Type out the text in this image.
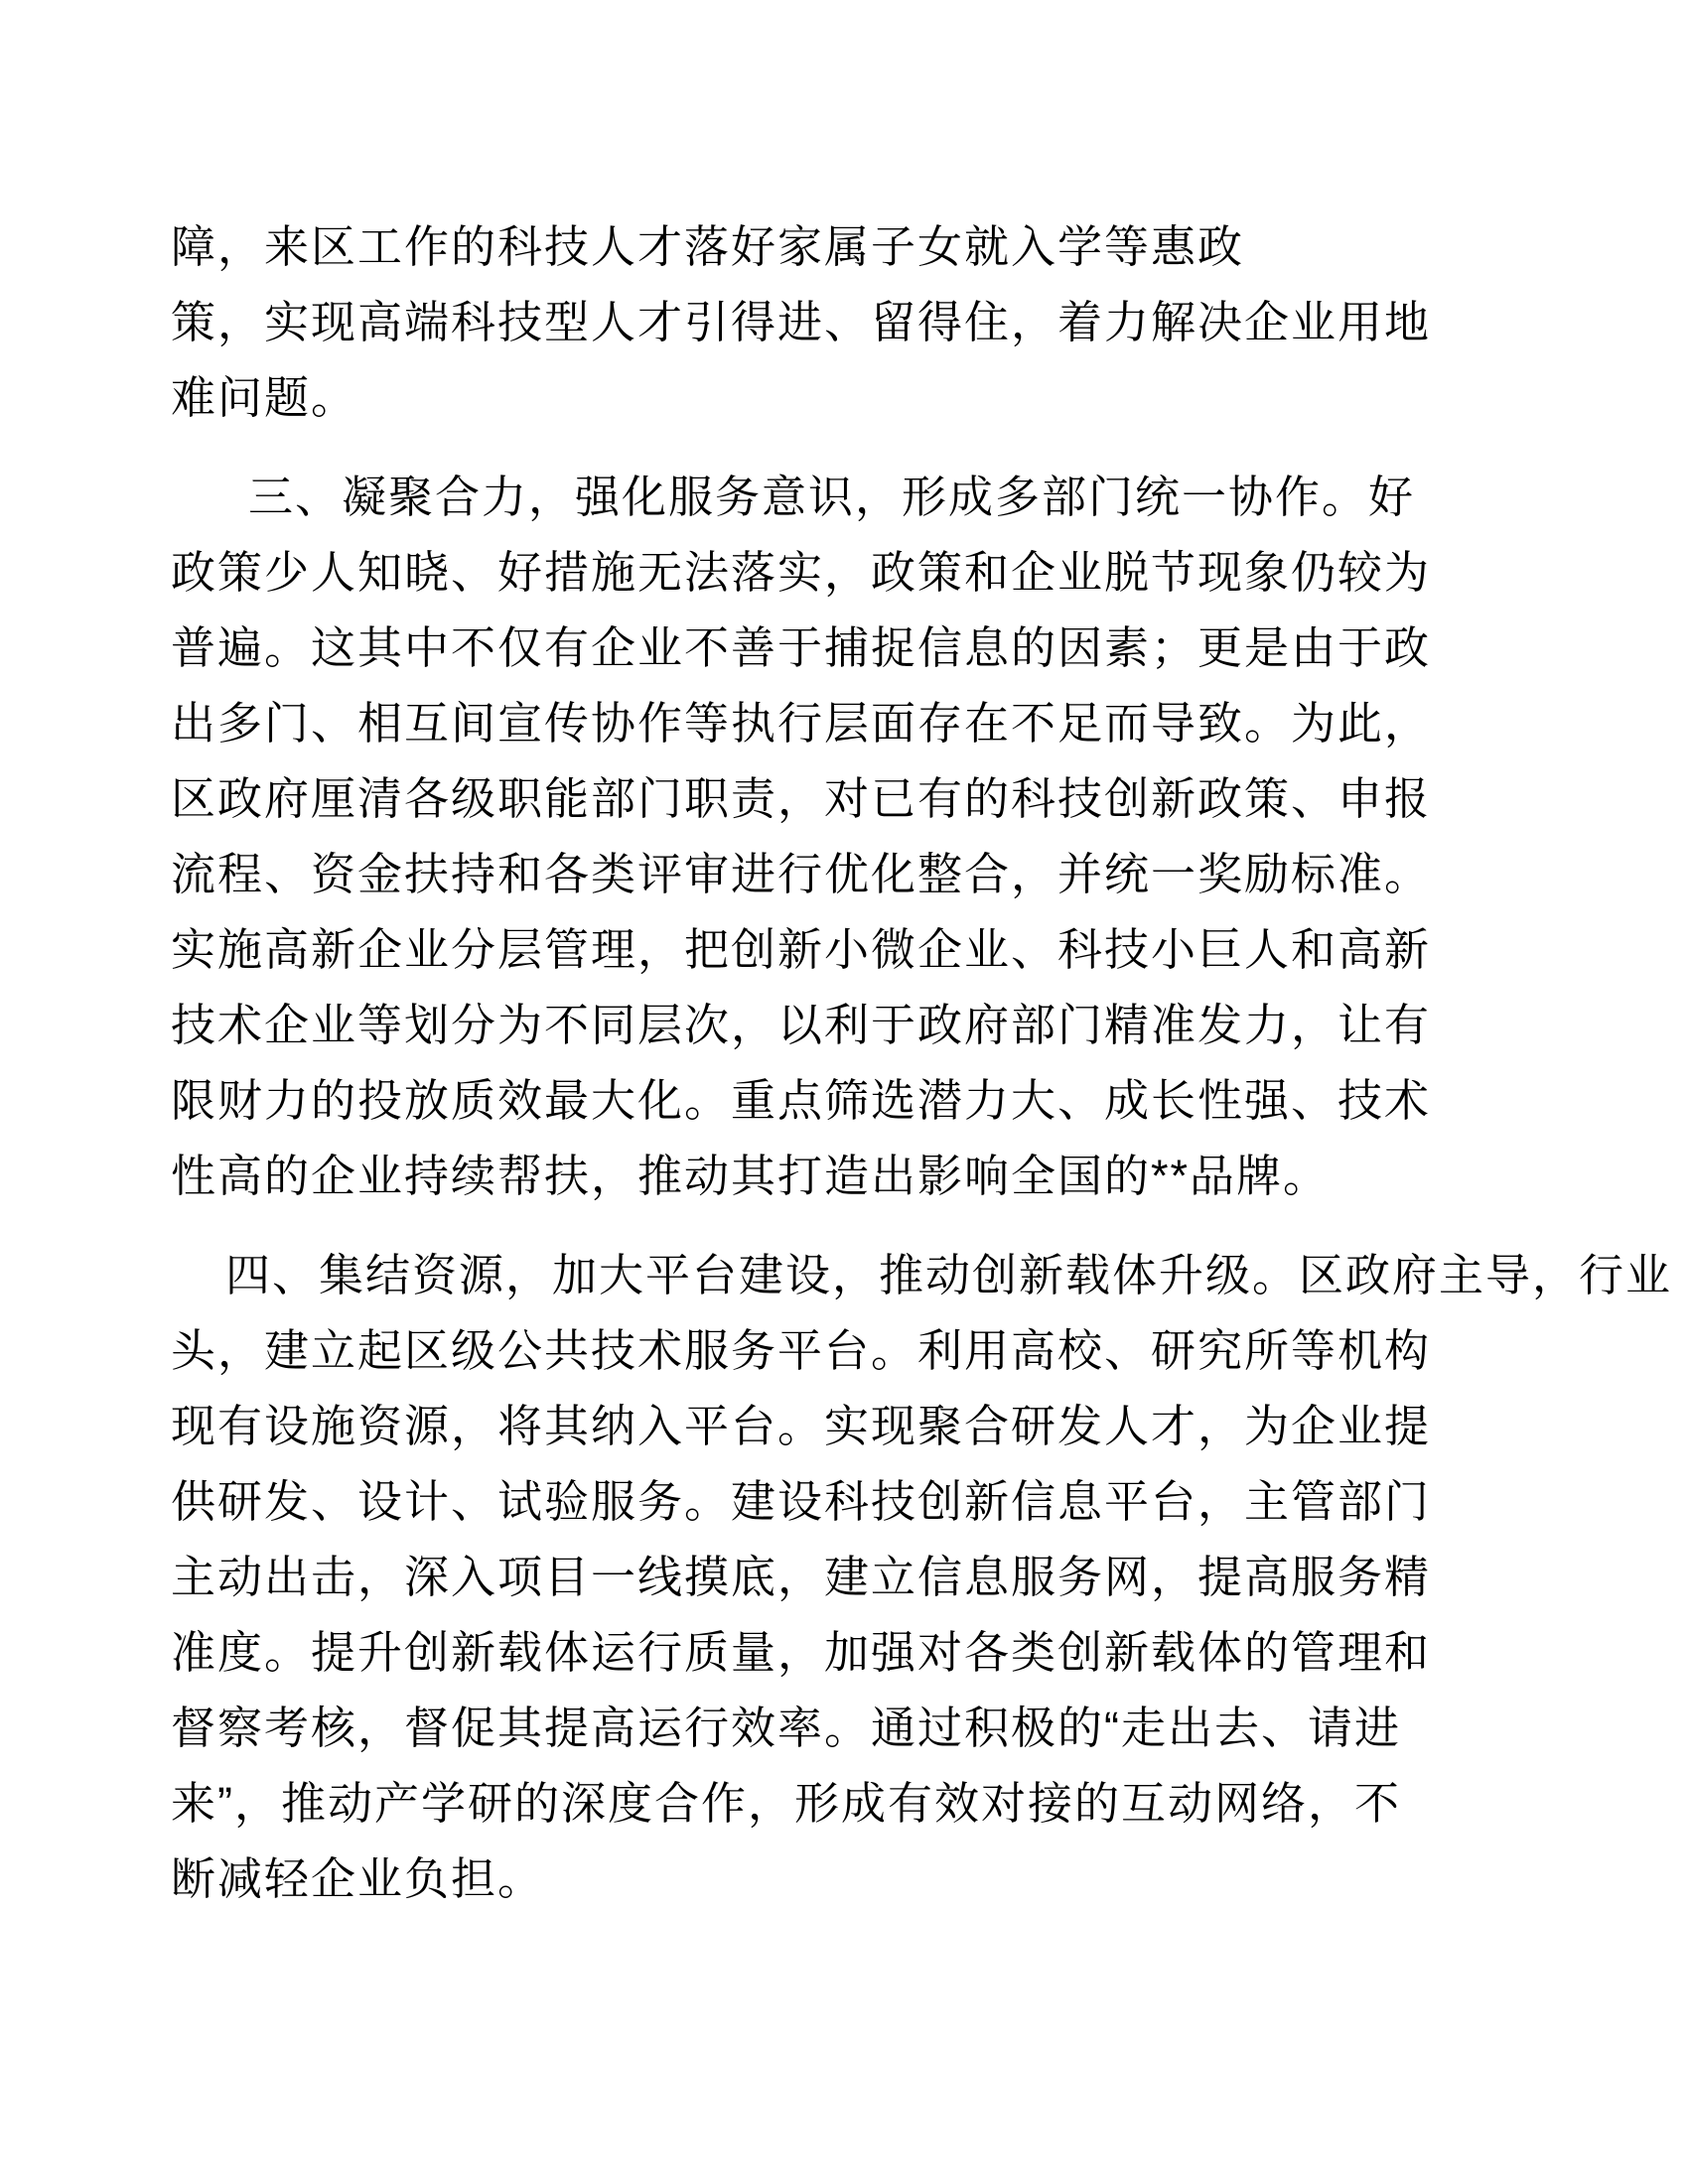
障，来区工作的科技人才落好家属子女就入学等惠政
策，实现高端科技型人才引得进、留得住，着力解决企业用地
难问题。
三、凝聚合力，强化服务意识，形成多部门统一协作。好
政策少人知晓、好措施无法落实，政策和企业脱节现象仍较为
普遍。这其中不仅有企业不善于捕捉信息的因素；更是由于政
出多门、相互间宣传协作等执行层面存在不足而导致。为此，
区政府厘清各级职能部门职责，对已有的科技创新政策、申报
流程、资金扶持和各类评审进行优化整合，并统一奖励标准。
实施高新企业分层管理，把创新小微企业、科技小巨人和高新
技术企业等划分为不同层次，以利于政府部门精准发力，让有
限财力的投放质效最大化。重点筛选潜力大、成长性强、技术
性高的企业持续帮扶，推动其打造出影响全国的**品牌。
四、集结资源，加大平台建设，推动创新载体升级。区政府主导，行业
头，建立起区级公共技术服务平台。利用高校、研究所等机构
现有设施资源，将其纳入平台。实现聚合研发人才，为企业提
供研发、设计、试验服务。建设科技创新信息平台，主管部门
主动出击，深入项目一线摸底，建立信息服务网，提高服务精
准度。提升创新载体运行质量，加强对各类创新载体的管理和
督察考核，督促其提高运行效率。通过积极的“走出去、请进
来”，推动产学研的深度合作，形成有效对接的互动网络，不
断减轻企业负担。
